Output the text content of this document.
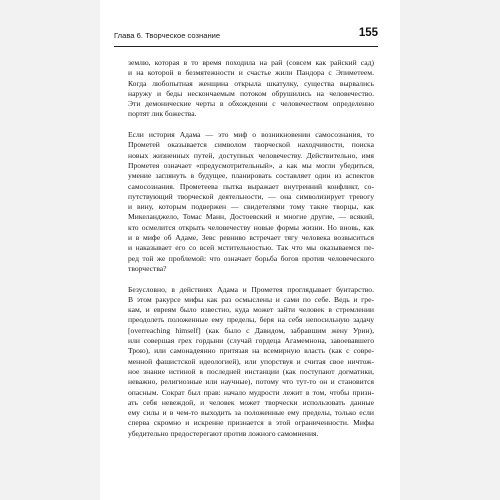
Глава 6. Творческое сознание	155
землю, которая в то время походила на рай (совсем как райский сад)
и на которой в безмятежности и счастье жили Пандора с Эпиметеем.
Когда любопытная женщина открыла шкатулку, существа вырвались
наружу и беды нескончаемым потоком обрушились на человечество.
Эти демонические черты в обхождении с человечеством определенно
портят лик божества.
Если история Адама — это миф о возникновении самосознания, то
Прометей оказывается символом творческой находчивости, поиска
новых жизненных путей, доступных человечеству. Действительно, имя
Прометея означает «предусмотрительный», а как мы могли убедиться,
умение заглянуть в будущее, планировать составляет один из аспектов
самосознания. Прометеева пытка выражает внутренний конфликт, со-
путствующий творческой деятельности, — она символизирует тревогу
и вину, которым подвержен — свидетелями тому такие творцы, как
Микеланджело, Томас Манн, Достоевский и многие другие, — всякий,
кто осмелится открыть человечеству новые формы жизни. Но вновь, как
и в мифе об Адаме, Зевс ревниво встречает тягу человека возвыситься
и наказывает его со всей мстительностью. Так что мы оказываемся пе-
ред той же проблемой: что означает борьба богов против человеческого
творчества?
Безусловно, в действиях Адама и Прометея проглядывает бунтарство.
В этом ракурсе мифы как раз осмыслены и сами по себе. Ведь и гре-
кам, и евреям было известно, куда может зайти человек в стремлении
преодолеть положенные ему пределы, беря на себя непосильную задачу
[overreaching himself] (как было с Давидом, забравшим жену Урии),
или совершая грех гордыни (случай гордеца Агамемнона, завоевавшего
Трою), или самонадеянно притязая на всемирную власть (как с совре-
менной фашистской идеологией), или упорствуя и считая свое ничтож-
ное знание истиной в последней инстанции (как поступают догматики,
неважно, религиозные или научные), потому что тут-то он и становится
опасным. Сократ был прав: начало мудрости лежит в том, чтобы призн-
ать себя невеждой, и человек может творчески использовать данные
ему силы и в чем-то выходить за положенные ему пределы, только если
сперва скромно и искренне признается в этой ограниченности. Мифы
убедительно предостерегают против ложного самомнения.
